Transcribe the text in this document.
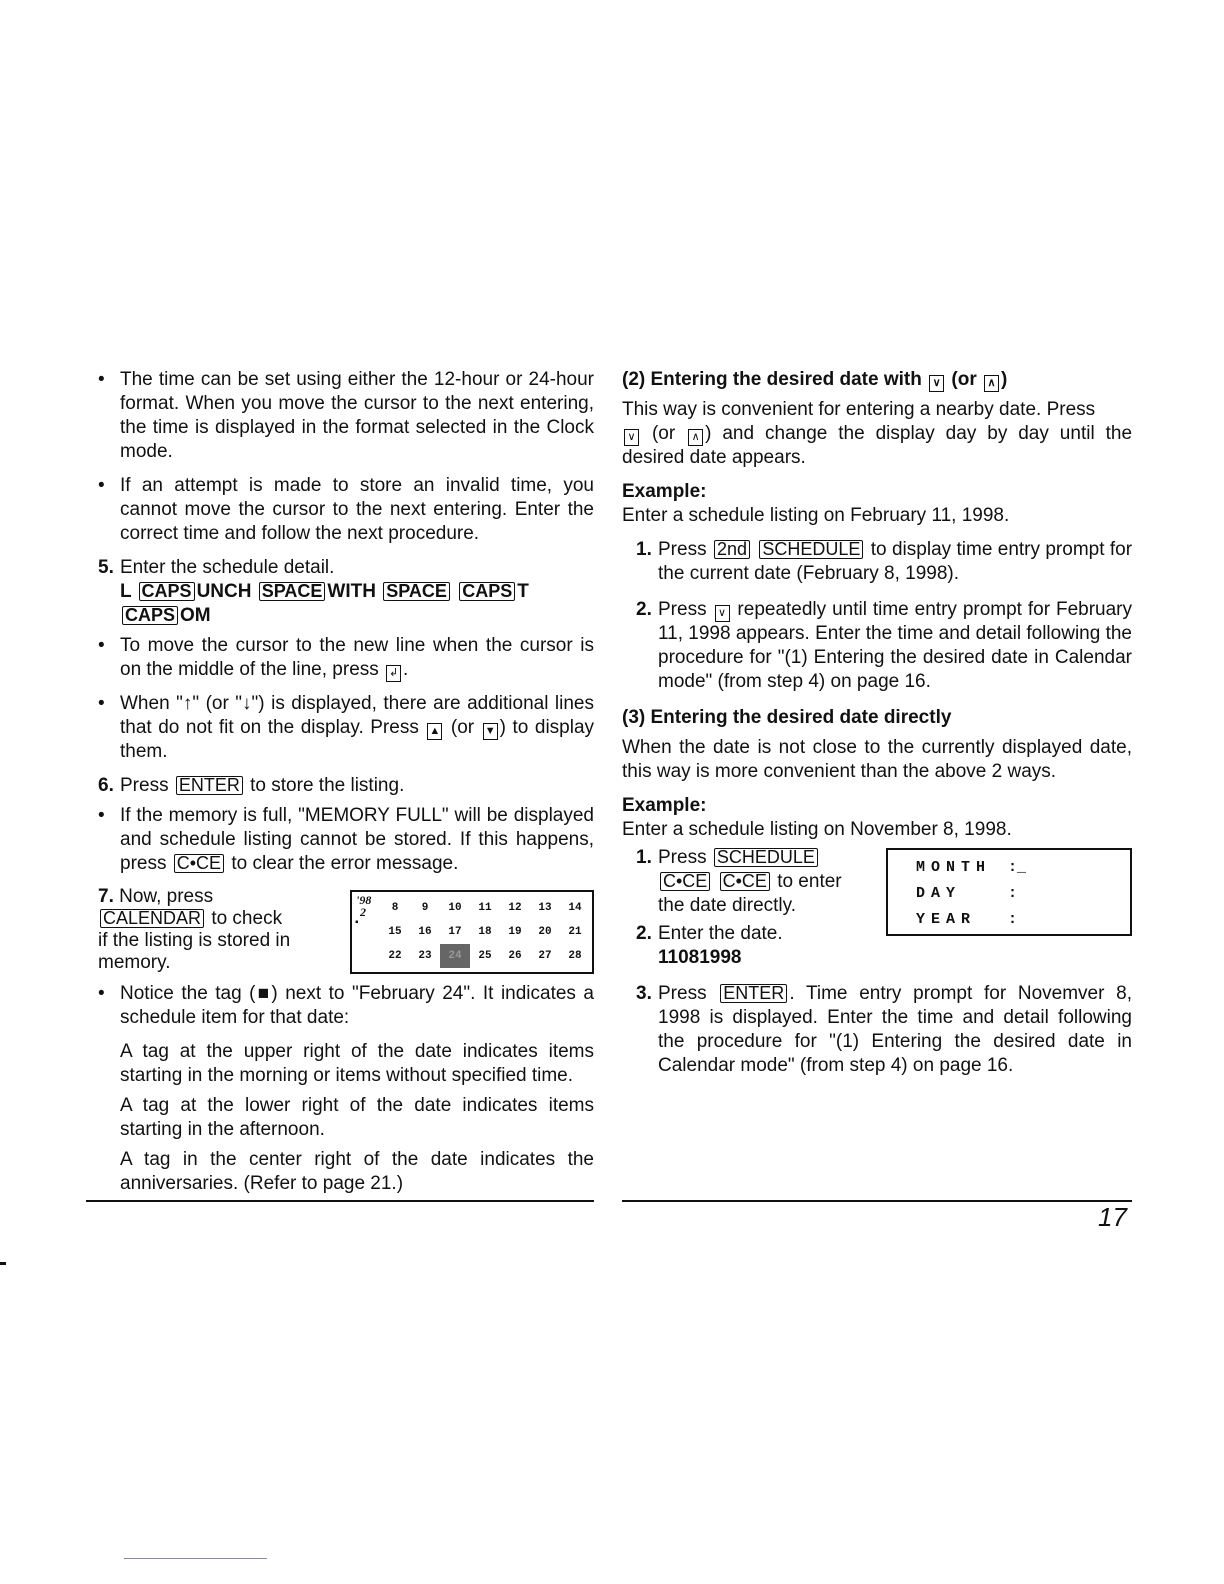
• The time can be set using either the 12-hour or 24-hour format. When you move the cursor to the next entering, the time is displayed in the format selected in the Clock mode.

• If an attempt is made to store an invalid time, you cannot move the cursor to the next entering. Enter the correct time and follow the next procedure.

5. Enter the schedule detail.
L CAPS UNCH SPACE WITH SPACE CAPS T
CAPS OM

• To move the cursor to the new line when the cursor is on the middle of the line, press ↲ .

• When "↑" (or "↓") is displayed, there are additional lines that do not fit on the display. Press ▲ (or ▼ ) to display them.

6. Press ENTER to store the listing.

• If the memory is full, "MEMORY FULL" will be displayed and schedule listing cannot be stored. If this happens, press C•CE to clear the error message.

7. Now, press
CALENDAR to check
if the listing is stored in
memory.
'98
2
▪
8	9	10	11	12	13	14
15	16	17	18	19	20	21
22	23	24	25	26	27	28

• Notice the tag (■) next to "February 24". It indicates a schedule item for that date:

A tag at the upper right of the date indicates items starting in the morning or items without specified time.

A tag at the lower right of the date indicates items starting in the afternoon.

A tag in the center right of the date indicates the anniversaries. (Refer to page 21.)

(2) Entering the desired date with ∨ (or ∧ )

This way is convenient for entering a nearby date. Press
∨ (or ∧ ) and change the display day by day until the desired date appears.

Example:

Enter a schedule listing on February 11, 1998.

1. Press 2nd SCHEDULE to display time entry prompt for the current date (February 8, 1998).
2. Press ∨ repeatedly until time entry prompt for February 11, 1998 appears. Enter the time and detail following the procedure for "(1) Entering the desired date in Calendar mode" (from step 4) on page 16.
(3) Entering the desired date directly

When the date is not close to the currently displayed date, this way is more convenient than the above 2 ways.

Example:

Enter a schedule listing on November 8, 1998.

1. Press SCHEDULE
C•CE C•CE to enter
the date directly.
2. Enter the date.
11081998
MONTH :_
DAY	:
YEAR :
3. Press ENTER . Time entry prompt for Novemver 8, 1998 is displayed. Enter the time and detail following the procedure for "(1) Entering the desired date in Calendar mode" (from step 4) on page 16.
17
